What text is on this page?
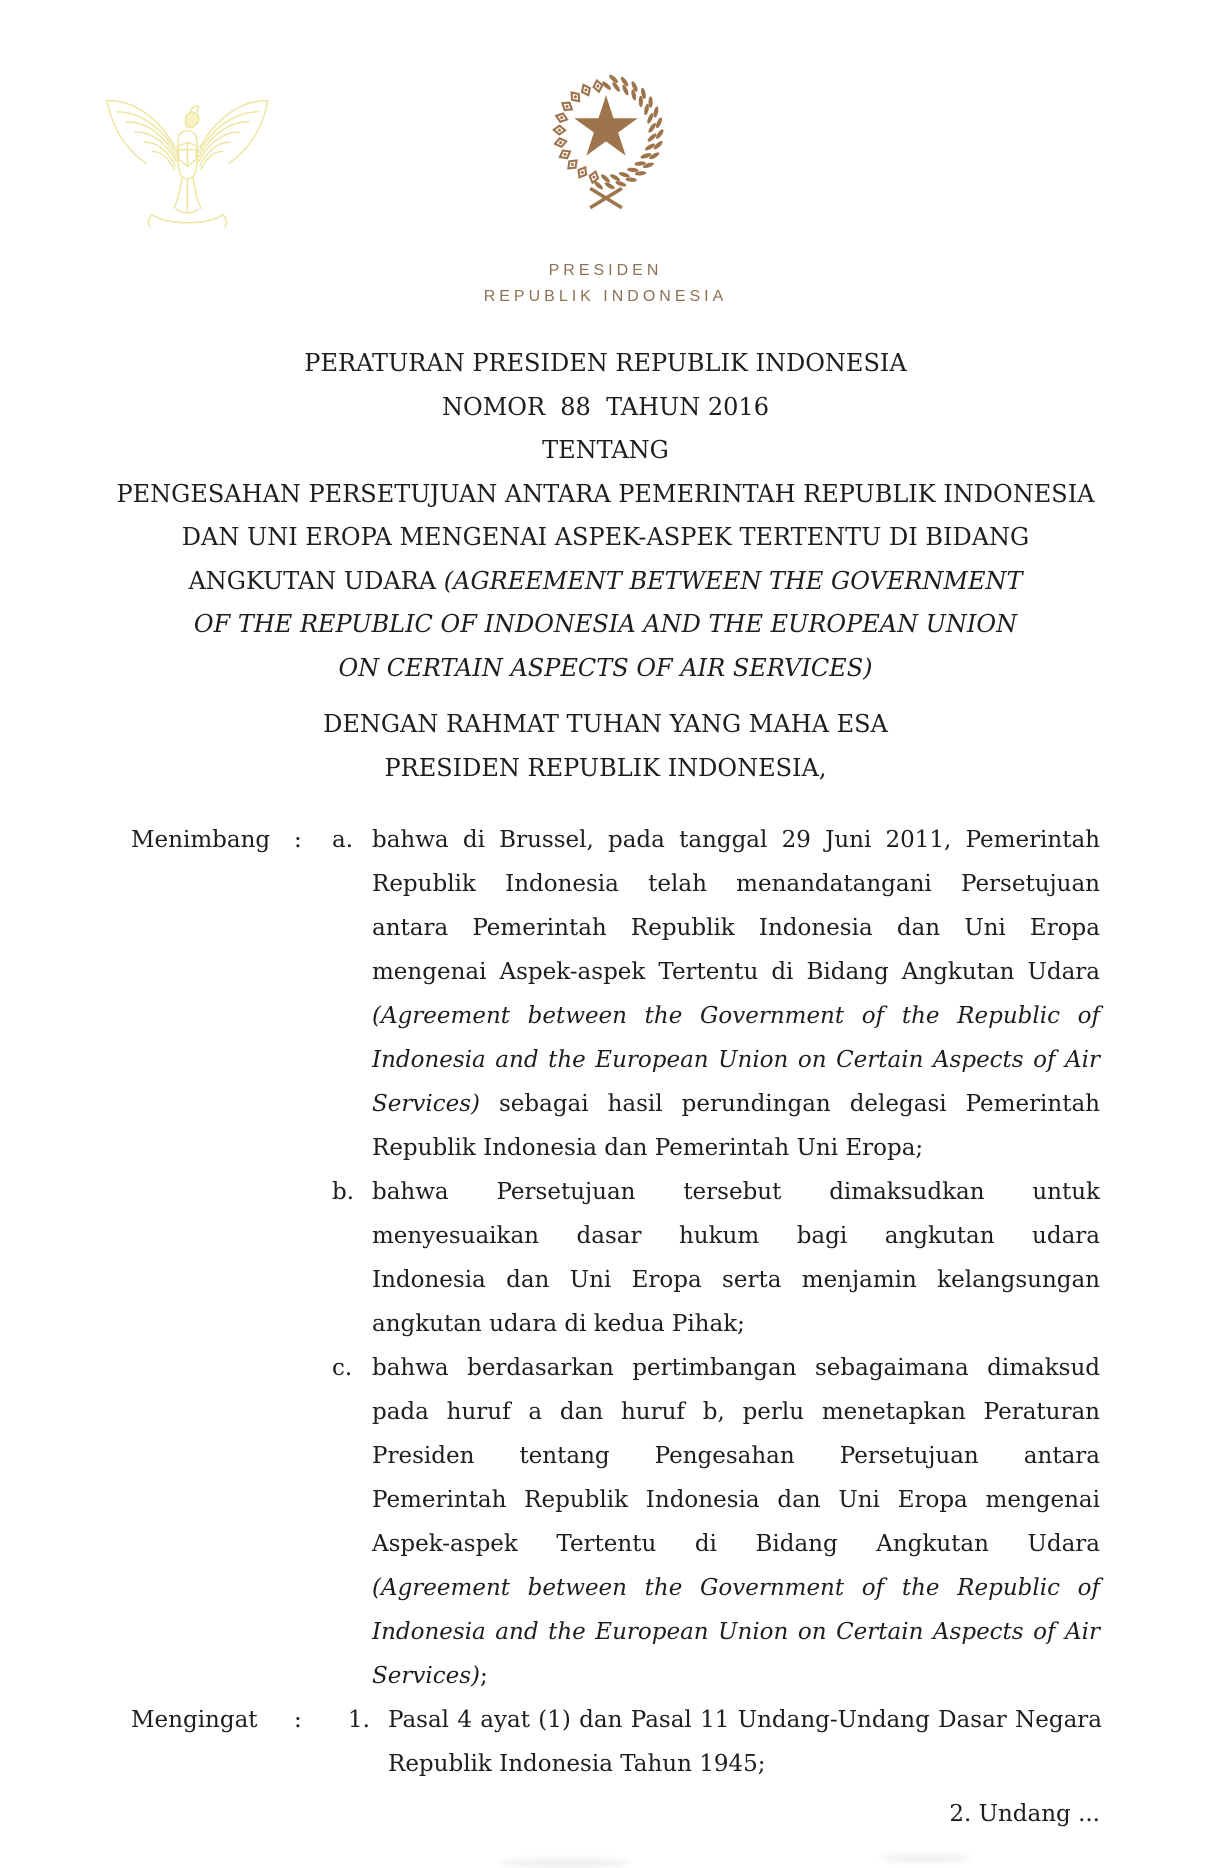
PRESIDEN
REPUBLIK INDONESIA
PERATURAN PRESIDEN REPUBLIK INDONESIA
NOMOR  88  TAHUN 2016
TENTANG
PENGESAHAN PERSETUJUAN ANTARA PEMERINTAH REPUBLIK INDONESIA
DAN UNI EROPA MENGENAI ASPEK-ASPEK TERTENTU DI BIDANG
ANGKUTAN UDARA (AGREEMENT BETWEEN THE GOVERNMENT
OF THE REPUBLIC OF INDONESIA AND THE EUROPEAN UNION
ON CERTAIN ASPECTS OF AIR SERVICES)
DENGAN RAHMAT TUHAN YANG MAHA ESA
PRESIDEN REPUBLIK INDONESIA,
Menimbang : a. bahwa di Brussel, pada tanggal 29 Juni 2011, Pemerintah
Republik Indonesia telah menandatangani Persetujuan
antara Pemerintah Republik Indonesia dan Uni Eropa
mengenai Aspek-aspek Tertentu di Bidang Angkutan Udara
(Agreement between the Government of the Republic of
Indonesia and the European Union on Certain Aspects of Air
Services) sebagai hasil perundingan delegasi Pemerintah
Republik Indonesia dan Pemerintah Uni Eropa;
b. bahwa Persetujuan tersebut dimaksudkan untuk
menyesuaikan dasar hukum bagi angkutan udara
Indonesia dan Uni Eropa serta menjamin kelangsungan
angkutan udara di kedua Pihak;
c. bahwa berdasarkan pertimbangan sebagaimana dimaksud
pada huruf a dan huruf b, perlu menetapkan Peraturan
Presiden tentang Pengesahan Persetujuan antara
Pemerintah Republik Indonesia dan Uni Eropa mengenai
Aspek-aspek Tertentu di Bidang Angkutan Udara
(Agreement between the Government of the Republic of
Indonesia and the European Union on Certain Aspects of Air
Services);
Mengingat : 1. Pasal 4 ayat (1) dan Pasal 11 Undang-Undang Dasar Negara
Republik Indonesia Tahun 1945;
2. Undang ...
